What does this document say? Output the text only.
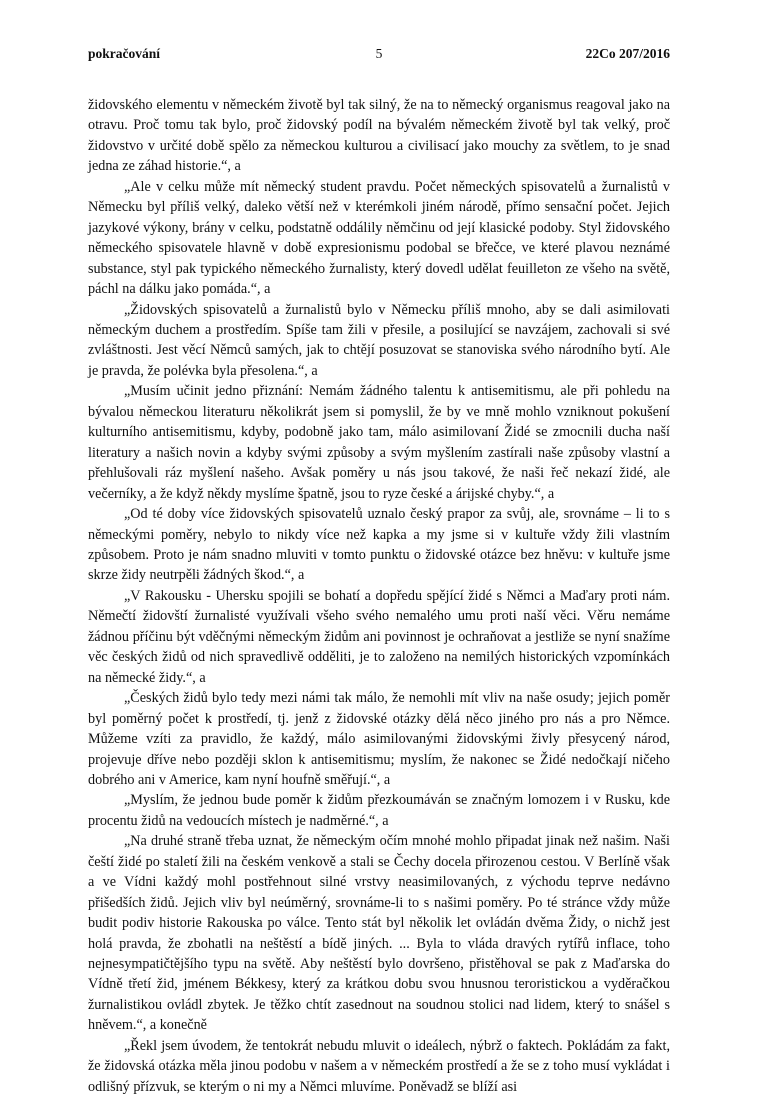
pokračování	5	22Co 207/2016

židovského elementu v německém životě byl tak silný, že na to německý organismus reagoval jako na otravu. Proč tomu tak bylo, proč židovský podíl na bývalém německém životě byl tak velký, proč židovstvo v určité době spělo za německou kulturou a civilisací jako mouchy za světlem, to je snad jedna ze záhad historie.“, a

„Ale v celku může mít německý student pravdu. Počet německých spisovatelů a žurnalistů v Německu byl příliš velký, daleko větší než v kterémkoli jiném národě, přímo sensační počet. Jejich jazykové výkony, brány v celku, podstatně oddálily němčinu od její klasické podoby. Styl židovského německého spisovatele hlavně v době expresionismu podobal se břečce, ve které plavou neznámé substance, styl pak typického německého žurnalisty, který dovedl udělat feuilleton ze všeho na světě, páchl na dálku jako pomáda.“, a

„Židovských spisovatelů a žurnalistů bylo v Německu příliš mnoho, aby se dali asimilovati německým duchem a prostředím. Spíše tam žili v přesile, a posilující se navzájem, zachovali si své zvláštnosti. Jest věcí Němců samých, jak to chtějí posuzovat se stanoviska svého národního bytí. Ale je pravda, že polévka byla přesolena.“, a

„Musím učinit jedno přiznání: Nemám žádného talentu k antisemitismu, ale při pohledu na bývalou německou literaturu několikrát jsem si pomyslil, že by ve mně mohlo vzniknout pokušení kulturního antisemitismu, kdyby, podobně jako tam, málo asimilovaní Židé se zmocnili ducha naší literatury a našich novin a kdyby svými způsoby a svým myšlením zastírali naše způsoby vlastní a přehlušovali ráz myšlení našeho. Avšak poměry u nás jsou takové, že naši řeč nekazí židé, ale večerníky, a že když někdy myslíme špatně, jsou to ryze české a árijské chyby.“, a

„Od té doby více židovských spisovatelů uznalo český prapor za svůj, ale, srovnáme – li to s německými poměry, nebylo to nikdy více než kapka a my jsme si v kultuře vždy žili vlastním způsobem. Proto je nám snadno mluviti v tomto punktu o židovské otázce bez hněvu: v kultuře jsme skrze židy neutrpěli žádných škod.“, a

„V Rakousku - Uhersku spojili se bohatí a dopředu spějící židé s Němci a Maďary proti nám. Němečtí židovští žurnalisté využívali všeho svého nemalého umu proti naší věci. Věru nemáme žádnou příčinu být vděčnými německým židům ani povinnost je ochraňovat a jestliže se nyní snažíme věc českých židů od nich spravedlivě odděliti, je to založeno na nemilých historických vzpomínkách na německé židy.“, a

„Českých židů bylo tedy mezi námi tak málo, že nemohli mít vliv na naše osudy; jejich poměr byl poměrný počet k prostředí, tj. jenž z židovské otázky dělá něco jiného pro nás a pro Němce. Můžeme vzíti za pravidlo, že každý, málo asimilovanými židovskými živly přesycený národ, projevuje dříve nebo později sklon k antisemitismu; myslím, že nakonec se Židé nedočkají ničeho dobrého ani v Americe, kam nyní houfně směřují.“, a

„Myslím, že jednou bude poměr k židům přezkoumáván se značným lomozem i v Rusku, kde procentu židů na vedoucích místech je nadměrné.“, a

„Na druhé straně třeba uznat, že německým očím mnohé mohlo připadat jinak než našim. Naši čeští židé po staletí žili na českém venkově a stali se Čechy docela přirozenou cestou. V Berlíně však a ve Vídni každý mohl postřehnout silné vrstvy neasimilovaných, z východu teprve nedávno přišedších židů. Jejich vliv byl neúměrný, srovnáme-li to s našimi poměry. Po té stránce vždy může budit podiv historie Rakouska po válce. Tento stát byl několik let ovládán dvěma Židy, o nichž jest holá pravda, že zbohatli na neštěstí a bídě jiných. ... Byla to vláda dravých rytířů inflace, toho nejnesympatičtějšího typu na světě. Aby neštěstí bylo dovršeno, přistěhoval se pak z Maďarska do Vídně třetí žid, jménem Békkesy, který za krátkou dobu svou hnusnou teroristickou a vyděračkou žurnalistikou ovládl zbytek. Je těžko chtít zasednout na soudnou stolici nad lidem, který to snášel s hněvem.“, a konečně

„Řekl jsem úvodem, že tentokrát nebudu mluvit o ideálech, nýbrž o faktech. Pokládám za fakt, že židovská otázka měla jinou podobu v našem a v německém prostředí a že se z toho musí vykládat i odlišný přízvuk, se kterým o ni my a Němci mluvíme. Poněvadž se blíží asi
